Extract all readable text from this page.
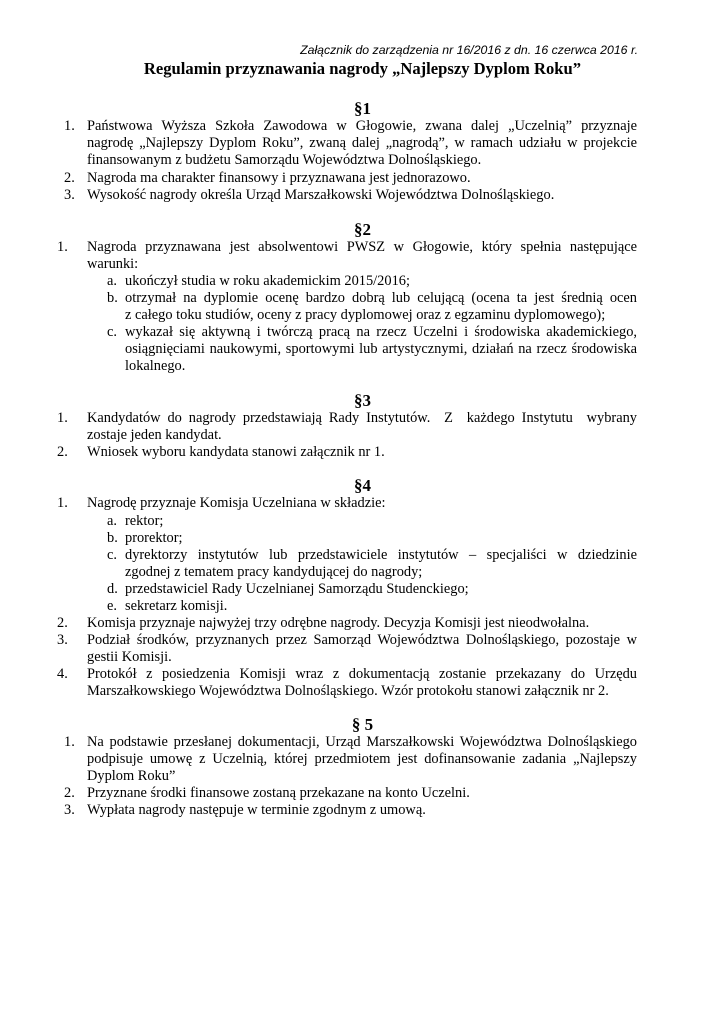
Załącznik do zarządzenia nr 16/2016 z dn. 16 czerwca 2016 r.
Regulamin przyznawania nagrody „Najlepszy Dyplom Roku”
§1
1. Państwowa Wyższa Szkoła Zawodowa w Głogowie, zwana dalej „Uczelnią” przyznaje
nagrodę „Najlepszy Dyplom Roku”, zwaną dalej „nagrodą”, w ramach udziału w projekcie
finansowanym z budżetu Samorządu Województwa Dolnośląskiego.
2. Nagroda ma charakter finansowy i przyznawana jest jednorazowo.
3. Wysokość nagrody określa Urząd Marszałkowski Województwa Dolnośląskiego.
§2
1. Nagroda przyznawana jest absolwentowi PWSZ w Głogowie, który spełnia następujące
warunki:
a. ukończył studia w roku akademickim 2015/2016;
b. otrzymał na dyplomie ocenę bardzo dobrą lub celującą (ocena ta jest średnią ocen
z całego toku studiów, oceny z pracy dyplomowej oraz z egzaminu dyplomowego);
c. wykazał się aktywną i twórczą pracą na rzecz Uczelni i środowiska akademickiego,
osiągnięciami naukowymi, sportowymi lub artystycznymi, działań na rzecz środowiska
lokalnego.
§3
1. Kandydatów do nagrody przedstawiają Rady Instytutów.  Z  każdego Instytutu  wybrany
zostaje jeden kandydat.
2. Wniosek wyboru kandydata stanowi załącznik nr 1.
§4
1. Nagrodę przyznaje Komisja Uczelniana w składzie:
a. rektor;
b. prorektor;
c. dyrektorzy instytutów lub przedstawiciele instytutów – specjaliści w dziedzinie
zgodnej z tematem pracy kandydującej do nagrody;
d. przedstawiciel Rady Uczelnianej Samorządu Studenckiego;
e. sekretarz komisji.
2. Komisja przyznaje najwyżej trzy odrębne nagrody. Decyzja Komisji jest nieodwołalna.
3. Podział środków, przyznanych przez Samorząd Województwa Dolnośląskiego, pozostaje w
gestii Komisji.
4. Protokół z posiedzenia Komisji wraz z dokumentacją zostanie przekazany do Urzędu
Marszałkowskiego Województwa Dolnośląskiego. Wzór protokołu stanowi załącznik nr 2.
§ 5
1. Na podstawie przesłanej dokumentacji, Urząd Marszałkowski Województwa Dolnośląskiego
podpisuje umowę z Uczelnią, której przedmiotem jest dofinansowanie zadania „Najlepszy
Dyplom Roku”
2. Przyznane środki finansowe zostaną przekazane na konto Uczelni.
3. Wypłata nagrody następuje w terminie zgodnym z umową.
